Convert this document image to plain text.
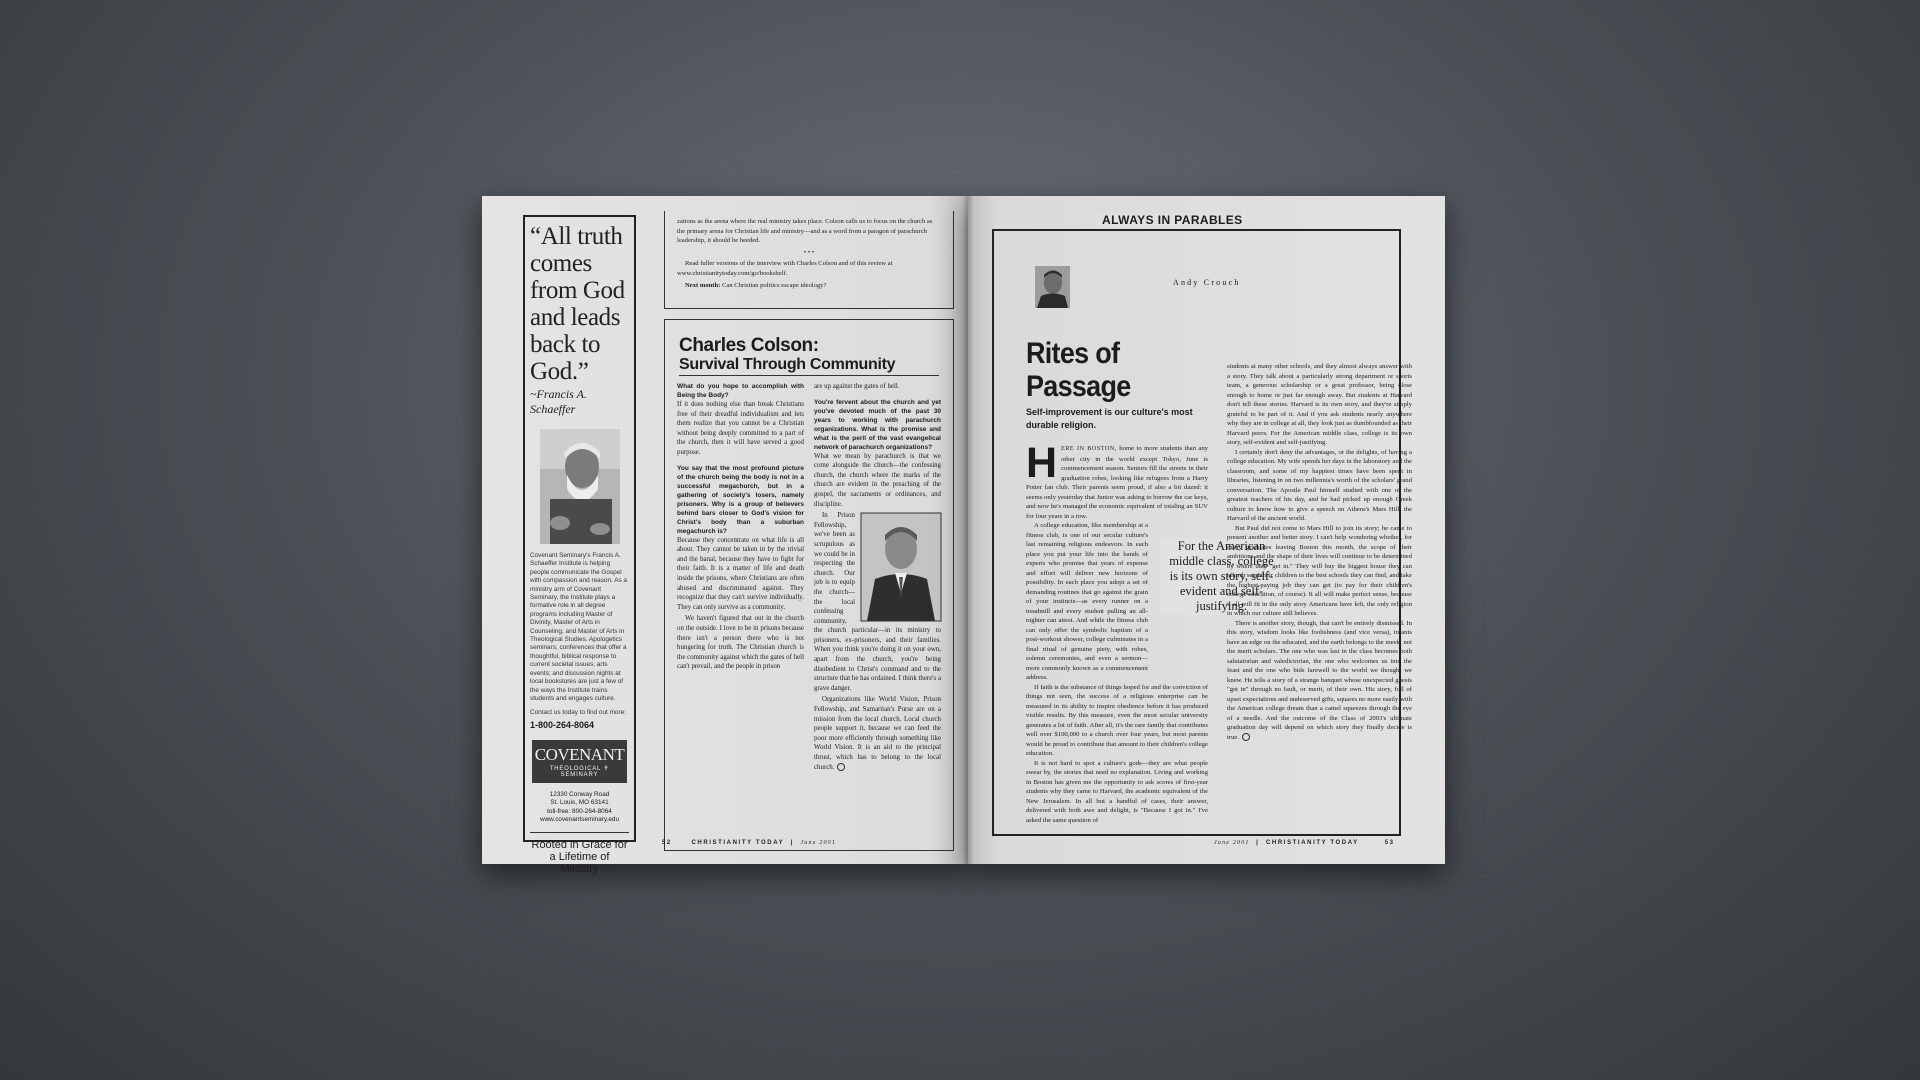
“All truth comes from God and leads back to God.”
~Francis A. Schaeffer
Covenant Seminary's Francis A. Schaeffer Institute is helping people communicate the Gospel with compassion and reason. As a ministry arm of Covenant Seminary, the Institute plays a formative role in all degree programs including Master of Divinity, Master of Arts in Counseling, and Master of Arts in Theological Studies. Apologetics seminars; conferences that offer a thoughtful, biblical response to current societal issues; arts events; and discussion nights at local bookstores are just a few of the ways the Institute trains students and engages culture.
Contact us today to find out more:
1-800-264-8064
COVENANT
THEOLOGICAL ✝ SEMINARY
12330 Conway Road
St. Louis, MO 63141
toll-free: 800-264-8064
www.covenantseminary.edu
Rooted in Grace for a Lifetime of Ministry

zations as the arena where the real ministry takes place. Colson calls us to focus on the church as the primary arena for Christian life and ministry—and as a word from a paragon of parachurch leadership, it should be heeded.

• • •

Read fuller versions of the interview with Charles Colson and of this review at www.christianitytoday.com/go/bookshelf.

Next month: Can Christian politics escape ideology?

Charles Colson:
Survival Through Community

What do you hope to accomplish with Being the Body?

If it does nothing else than break Christians free of their dreadful individualism and lets them realize that you cannot be a Christian without being deeply committed to a part of the church, then it will have served a good purpose.

You say that the most profound picture of the church being the body is not in a successful megachurch, but in a gathering of society's losers, namely prisoners. Why is a group of believers behind bars closer to God's vision for Christ's body than a suburban megachurch is?

Because they concentrate on what life is all about. They cannot be taken in by the trivial and the banal, because they have to fight for their faith. It is a matter of life and death inside the prisons, where Christians are often abused and discriminated against. They recognize that they can't survive individually. They can only survive as a community.

We haven't figured that out in the church on the outside. I love to be in prisons because there isn't a person there who is not hungering for truth. The Christian church is the community against which the gates of hell can't prevail, and the people in prison

are up against the gates of hell.

You're fervent about the church and yet you've devoted much of the past 30 years to working with parachurch organizations. What is the promise and what is the peril of the vast evangelical network of parachurch organizations?

What we mean by parachurch is that we come alongside the church—the confessing church, the church where the marks of the church are evident in the preaching of the gospel, the sacraments or ordinances, and discipline.

In Prison Fellowship, we've been as scrupulous as we could be in respecting the church. Our job is to equip the church—the local confessing community, the church particular—in its ministry to prisoners, ex-prisoners, and their families. When you think you're doing it on your own, apart from the church, you're being disobedient to Christ's command and to the structure that he has ordained. I think there's a grave danger.

Organizations like World Vision, Prison Fellowship, and Samaritan's Purse are on a mission from the local church. Local church people support it, because we can feed the poor more efficiently through something like World Vision. It is an aid to the principal thrust, which has to belong to the local church.

52	CHRISTIANITY TODAY  |  June 2001
Andy Crouch
Rites of
Passage
Self-improvement is our culture's most durable religion.

HERE IN BOSTON, home to more students than any other city in the world except Tokyo, June is commencement season. Seniors fill the streets in their graduation robes, looking like refugees from a Harry Potter fan club. Their parents seem proud, if also a bit dazed: it seems only yesterday that Junior was asking to borrow the car keys, and now he's managed the economic equivalent of totaling an SUV for four years in a row.

A college education, like membership at a fitness club, is one of our secular culture's last remaining religious endeavors. In each place you put your life into the hands of experts who promise that years of expense and effort will deliver new horizons of possibility. In each place you adopt a set of demanding routines that go against the grain of your instincts—as every runner on a treadmill and every student pulling an all-nighter can attest. And while the fitness club can only offer the symbolic baptism of a post-workout shower, college culminates in a final ritual of genuine piety, with robes, solemn ceremonies, and even a sermon—more commonly known as a commencement address.

If faith is the substance of things hoped for and the conviction of things not seen, the success of a religious enterprise can be measured in its ability to inspire obedience before it has produced visible results. By this measure, even the most secular university generates a lot of faith. After all, it's the rare family that contributes well over $100,000 to a church over four years, but most parents would be proud to contribute that amount to their children's college education.

It is not hard to spot a culture's gods—they are what people swear by, the stories that need no explanation. Living and working in Boston has given me the opportunity to ask scores of first-year students why they came to Harvard, the academic equivalent of the New Jerusalem. In all but a handful of cases, their answer, delivered with both awe and delight, is "Because I got in." I've asked the same question of

For the American middle class, college is its own story, self-evident and self-justifying.

students at many other schools, and they almost always answer with a story. They talk about a particularly strong department or sports team, a generous scholarship or a great professor, being close enough to home or just far enough away. But students at Harvard don't tell these stories. Harvard is its own story, and they're simply grateful to be part of it. And if you ask students nearly anywhere why they are in college at all, they look just as dumbfounded as their Harvard peers. For the American middle class, college is its own story, self-evident and self-justifying.

I certainly don't deny the advantages, or the delights, of having a college education. My wife spends her days in the laboratory and the classroom, and some of my happiest times have been spent in libraries, listening in on two millennia's worth of the scholars' grand conversation. The Apostle Paul himself studied with one of the greatest teachers of his day, and he had picked up enough Greek culture to know how to give a speech on Athens's Mars Hill, the Harvard of the ancient world.

But Paul did not come to Mars Hill to join its story; he came to present another and better story. I can't help wondering whether, for many graduates leaving Boston this month, the scope of their ambitions and the shape of their lives will continue to be determined by where they "get in." They will buy the biggest house they can afford, send their children to the best schools they can find, and take the highest-paying job they can get (to pay for their children's college education, of course). It all will make perfect sense, because it all will fit in the only story Americans have left, the only religion in which our culture still believes.

There is another story, though, that can't be entirely dismissed. In this story, wisdom looks like foolishness (and vice versa), infants have an edge on the educated, and the earth belongs to the meek, not the merit scholars. The one who was last in the class becomes both salutatorian and valedictorian, the one who welcomes us into the feast and the one who bids farewell to the world we thought we knew. He tells a story of a strange banquet whose unexpected guests "get in" through no fault, or merit, of their own. His story, full of upset expectations and undeserved gifts, squares no more easily with the American college dream than a camel squeezes through the eye of a needle. And the outcome of the Class of 2003's ultimate graduation day will depend on which story they finally decide is true.

ALWAYS IN PARABLES
June 2001  |  CHRISTIANITY TODAY	53
